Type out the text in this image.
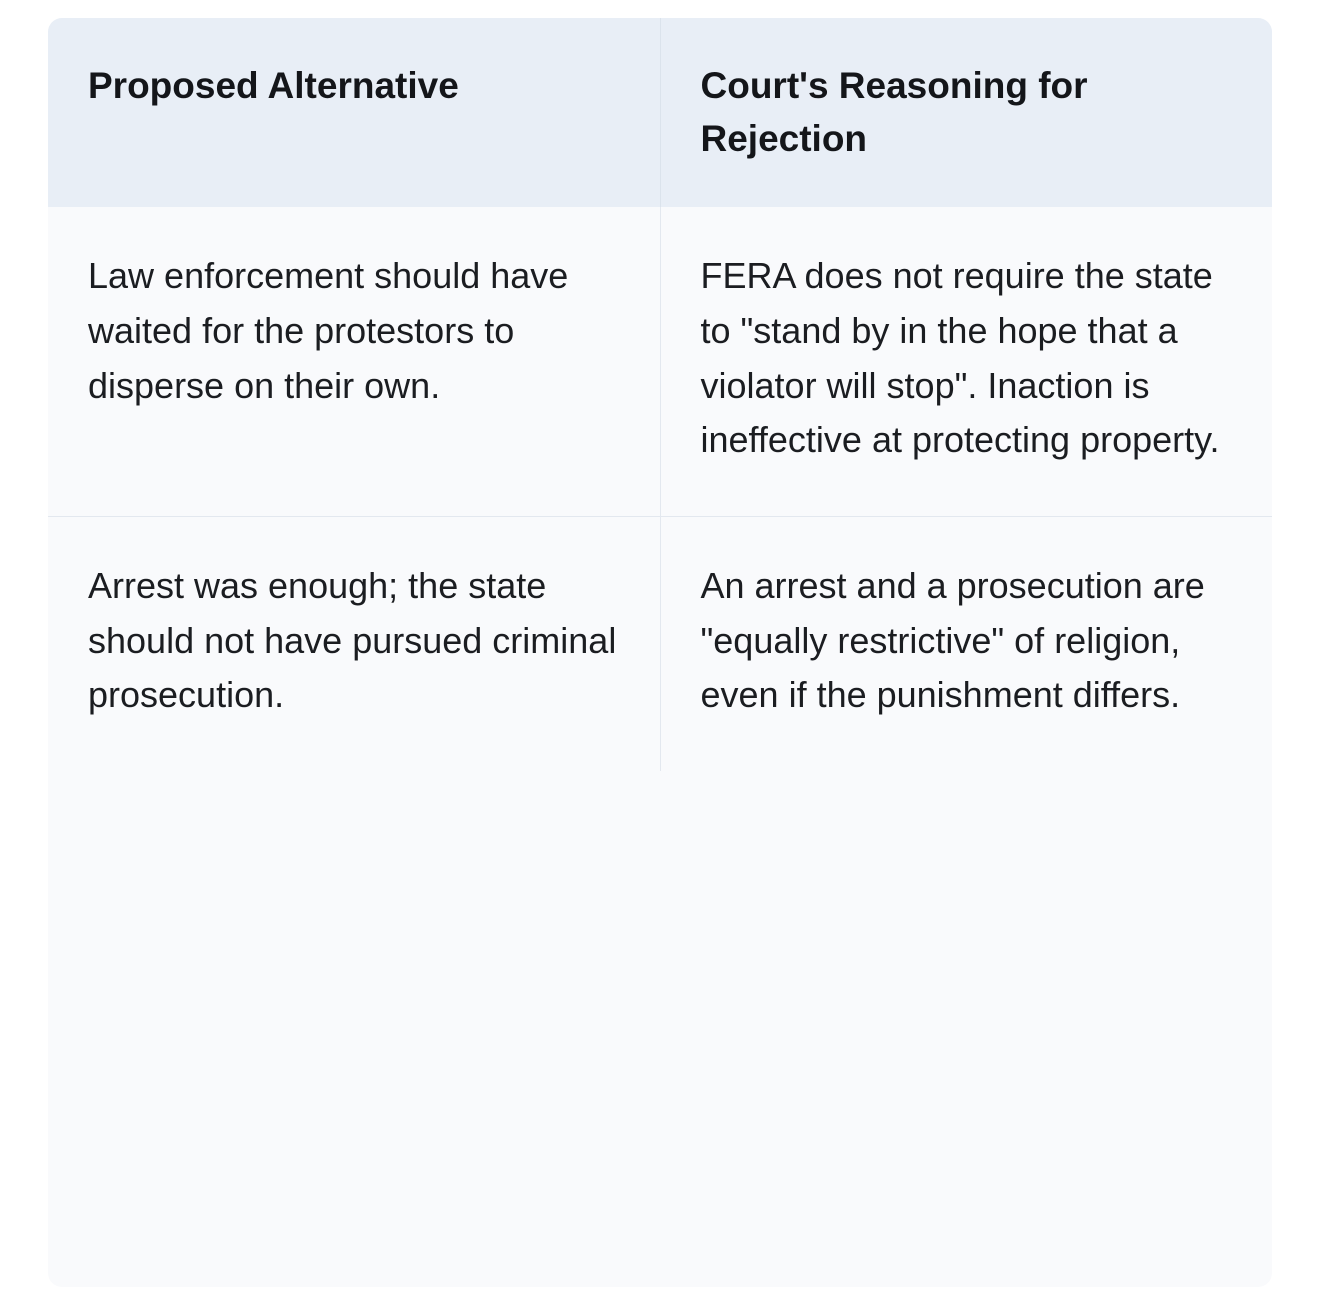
Proposed Alternative	Court's Reasoning for Rejection

Law enforcement should have waited for the protestors to disperse on their own.	FERA does not require the state to "stand by in the hope that a violator will stop". Inaction is ineffective at protecting property.

Arrest was enough; the state should not have pursued criminal prosecution.	An arrest and a prosecution are "equally restrictive" of religion, even if the punishment differs.
